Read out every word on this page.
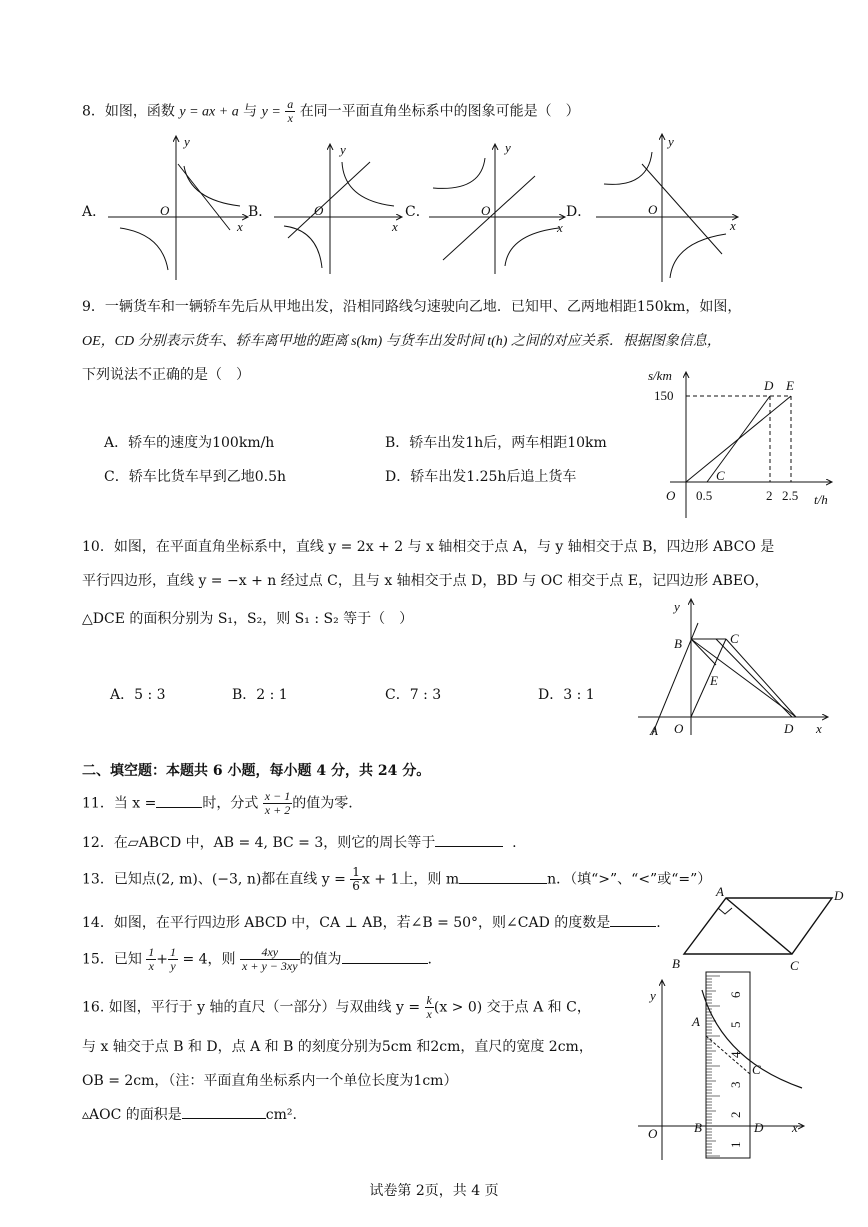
8．如图，函数 y = ax + a 与 $y = \frac{a}{x}$ 在同一平面直角坐标系中的图象可能是（　）
A．	B．	C．	D．
y
x
O
y
x
O
y
x
O
y
x
O
9．一辆货车和一辆轿车先后从甲地出发，沿相同路线匀速驶向乙地．已知甲、乙两地相距150km，如图，
OE，CD 分别表示货车、轿车离甲地的距离 s(km) 与货车出发时间 t(h) 之间的对应关系．根据图象信息，
下列说法不正确的是（　）
A．轿车的速度为100km/h	B．轿车出发1h后，两车相距10km
C．轿车比货车早到乙地0.5h	D．轿车出发1.25h后追上货车
s/km
t/h
150
O 0.5	2 2.5
D E
C
10．如图，在平面直角坐标系中，直线 y = 2x + 2 与 x 轴相交于点 A，与 y 轴相交于点 B，四边形 ABCO 是
平行四边形，直线 y = −x + n 经过点 C，且与 x 轴相交于点 D，BD 与 OC 相交于点 E，记四边形 ABEO，
△DCE 的面积分别为 S₁，S₂，则 S₁ : S₂ 等于（　）
A．5 : 3	B．2 : 1	C．7 : 3	D．3 : 1
y
x
B	C
E
A O	D
二、填空题：本题共 6 小题，每小题 4 分，共 24 分。
11．当 x =	时，分式 $\frac{x - 1}{x + 2}$ 的值为零.
12．在▱ABCD 中，AB = 4, BC = 3，则它的周长等于	.
13．已知点(2, m)、(−3, n)都在直线 $y = \frac{1}{6}$ x + 1上，则 m	n．（填“>”、“<”或“=”）
14．如图，在平行四边形 ABCD 中，CA ⊥ AB，若∠B = 50°，则∠CAD 的度数是	.
A	D
B	C
15．已知 $\frac{1}{x} + \frac{1}{y} = 4$，则 $\frac{4xy}{x + y - 3xy}$ 的值为	.
16. 如图，平行于 y 轴的直尺（一部分）与双曲线 $y = \frac{k}{x} (x > 0)$ 交于点 A 和 C，
与 x 轴交于点 B 和 D，点 A 和 B 的刻度分别为5cm 和2cm，直尺的宽度 2cm，
OB = 2cm，（注：平面直角坐标系内一个单位长度为1cm）
▵AOC 的面积是	cm².
y
x
O	B	D
A
C
1
2
3
4
5
6
试卷第 2页，共 4 页
